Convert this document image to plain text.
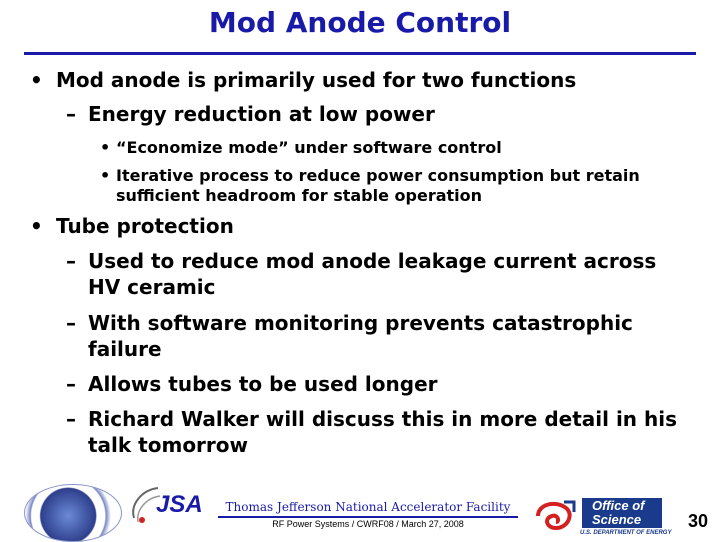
Mod Anode Control
• Mod anode is primarily used for two functions
– Energy reduction at low power
• “Economize mode” under software control
• Iterative process to reduce power consumption but retain sufficient headroom for stable operation
• Tube protection
– Used to reduce mod anode leakage current across HV ceramic
– With software monitoring prevents catastrophic failure
– Allows tubes to be used longer
– Richard Walker will discuss this in more detail in his talk tomorrow
JSA	Thomas Jefferson National Accelerator Facility
RF Power Systems / CWRF08 / March 27, 2008
Office of
Science
U.S. DEPARTMENT OF ENERGY
30
